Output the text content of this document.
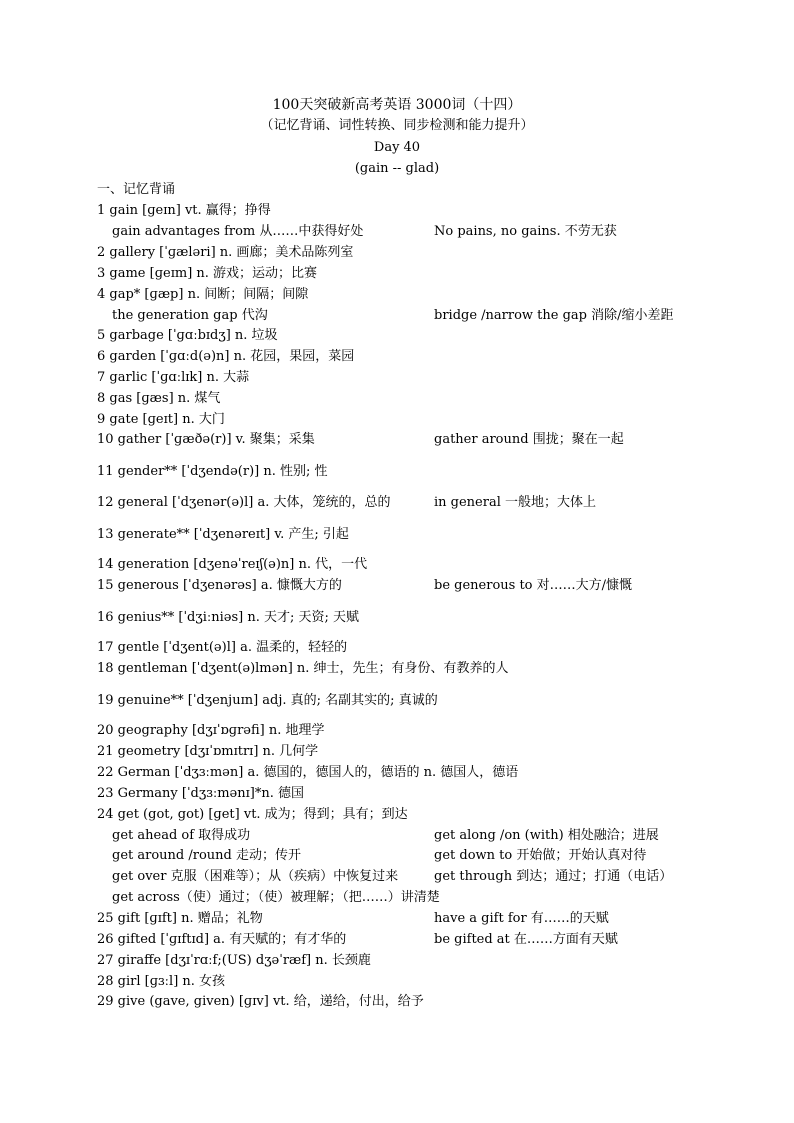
100天突破新高考英语 3000词（十四）
（记忆背诵、词性转换、同步检测和能力提升）
Day 40
(gain -- glad)
一、记忆背诵
1 gain [ɡeɪn] vt. 赢得；挣得
gain advantages from 从……中获得好处	No pains, no gains. 不劳无获
2 gallery [ˈɡæləri] n. 画廊；美术品陈列室
3 game [ɡeɪm] n. 游戏；运动；比赛
4 gap* [ɡæp] n. 间断；间隔；间隙
the generation gap 代沟	bridge /narrow the gap 消除/缩小差距
5 garbage [ˈɡɑːbɪdʒ] n. 垃圾
6 garden [ˈɡɑːd(ə)n] n. 花园，果园，菜园
7 garlic [ˈɡɑːlɪk] n. 大蒜
8 gas [ɡæs] n. 煤气
9 gate [ɡeɪt] n. 大门
10 gather [ˈɡæðə(r)] v. 聚集；采集	gather around 围拢；聚在一起
11 gender** [ˈdʒendə(r)] n. 性别; 性
12 general [ˈdʒenər(ə)l] a. 大体，笼统的，总的	in general 一般地；大体上
13 generate** [ˈdʒenəreɪt] v. 产生; 引起
14 generation [dʒenəˈreɪʃ(ə)n] n. 代，一代
15 generous [ˈdʒenərəs] a. 慷慨大方的	be generous to 对……大方/慷慨
16 genius** [ˈdʒiːniəs] n. 天才; 天资; 天赋
17 gentle [ˈdʒent(ə)l] a. 温柔的，轻轻的
18 gentleman [ˈdʒent(ə)lmən] n. 绅士，先生；有身份、有教养的人
19 genuine** [ˈdʒenjuɪn] adj. 真的; 名副其实的; 真诚的
20 geography [dʒɪˈɒɡrəfi] n. 地理学
21 geometry [dʒɪˈɒmɪtrɪ] n. 几何学
22 German [ˈdʒɜːmən] a. 德国的，德国人的，德语的 n. 德国人，德语
23 Germany [ˈdʒɜːmənɪ]*n. 德国
24 get (got, got) [ɡet] vt. 成为；得到；具有；到达
get ahead of 取得成功	get along /on (with) 相处融洽；进展
get around /round 走动；传开	get down to 开始做；开始认真对待
get over 克服（困难等）；从（疾病）中恢复过来	get through 到达；通过；打通（电话）
get across（使）通过；（使）被理解；（把……）讲清楚
25 gift [ɡɪft] n. 赠品；礼物	have a gift for 有……的天赋
26 gifted [ˈɡɪftɪd] a. 有天赋的；有才华的	be gifted at 在……方面有天赋
27 giraffe [dʒɪˈrɑːf;(US) dʒəˈræf] n. 长颈鹿
28 girl [ɡɜːl] n. 女孩
29 give (gave, given) [ɡɪv] vt. 给，递给，付出，给予
